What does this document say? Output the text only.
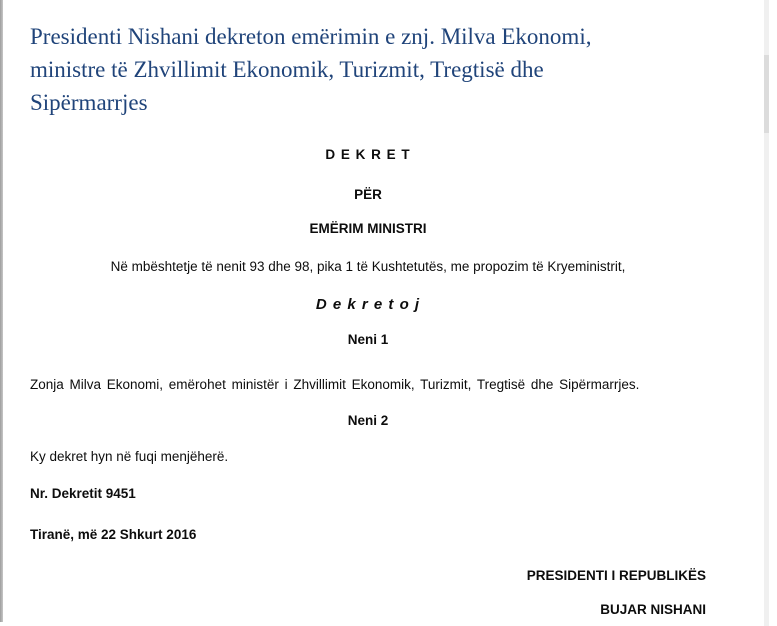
Presidenti Nishani dekreton emërimin e znj. Milva Ekonomi,
ministre të Zhvillimit Ekonomik, Turizmit, Tregtisë dhe
Sipërmarrjes

D E K R E T

PËR

EMËRIM MINISTRI

Në mbështetje të nenit 93 dhe 98, pika 1 të Kushtetutës, me propozim të Kryeministrit,

D e k r e t o j

Neni 1

Zonja Milva Ekonomi, emërohet ministër i Zhvillimit Ekonomik, Turizmit, Tregtisë dhe Sipërmarrjes.

Neni 2

Ky dekret hyn në fuqi menjëherë.

Nr. Dekretit 9451

Tiranë, më 22 Shkurt 2016

PRESIDENTI I REPUBLIKËS

BUJAR NISHANI
